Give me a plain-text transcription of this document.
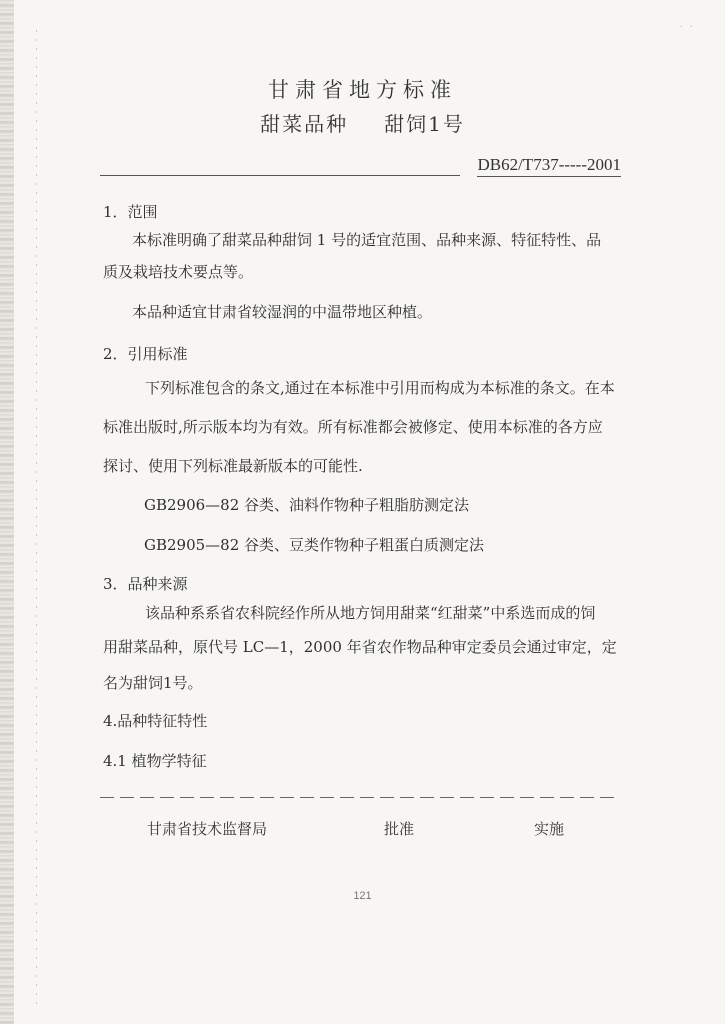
· ·
甘肃省地方标准
甜菜品种 甜饲1号
DB62/T737-----2001
1．范围
本标准明确了甜菜品种甜饲 1 号的适宜范围、品种来源、特征特性、品
质及栽培技术要点等。
本品种适宜甘肃省较湿润的中温带地区种植。
2．引用标准
下列标准包含的条文,通过在本标准中引用而构成为本标准的条文。在本
标准出版时,所示版本均为有效。所有标准都会被修定、使用本标准的各方应
探讨、使用下列标准最新版本的可能性.
GB2906—82 谷类、油料作物种子粗脂肪测定法
GB2905—82 谷类、豆类作物种子粗蛋白质测定法
3．品种来源
该品种系系省农科院经作所从地方饲用甜菜“红甜菜”中系选而成的饲
用甜菜品种，原代号 LC—1，2000 年省农作物品种审定委员会通过审定，定
名为甜饲1号。
4.品种特征特性
4.1 植物学特征
甘肃省技术监督局	批准	实施
121
